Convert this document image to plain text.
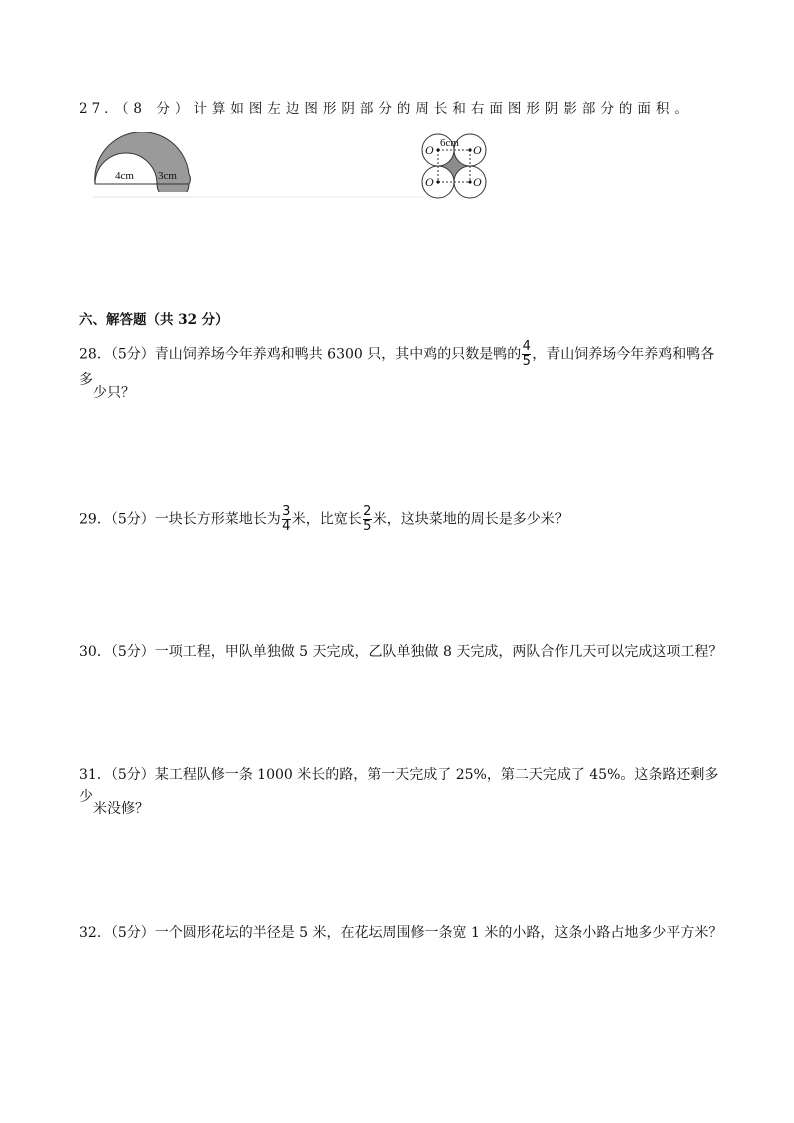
27．（8 分）计算如图左边图形阴部分的周长和右面图形阴影部分的面积。
4cm 3cm
6cm
O	O
O	O
六、解答题（共 32 分）
28．（5分）青山饲养场今年养鸡和鸭共 6300 只，其中鸡的只数是鸭的 $\frac{4}{5}$ ，青山饲养场今年养鸡和鸭各多
少只？
29．（5分）一块长方形菜地长为 $\frac{3}{4}$ 米，比宽长 $\frac{2}{5}$ 米，这块菜地的周长是多少米？
30．（5分）一项工程，甲队单独做 5 天完成，乙队单独做 8 天完成，两队合作几天可以完成这项工程？
31．（5分）某工程队修一条 1000 米长的路，第一天完成了 25%，第二天完成了 45%。这条路还剩多少
米没修？
32．（5分）一个圆形花坛的半径是 5 米，在花坛周围修一条宽 1 米的小路，这条小路占地多少平方米？
